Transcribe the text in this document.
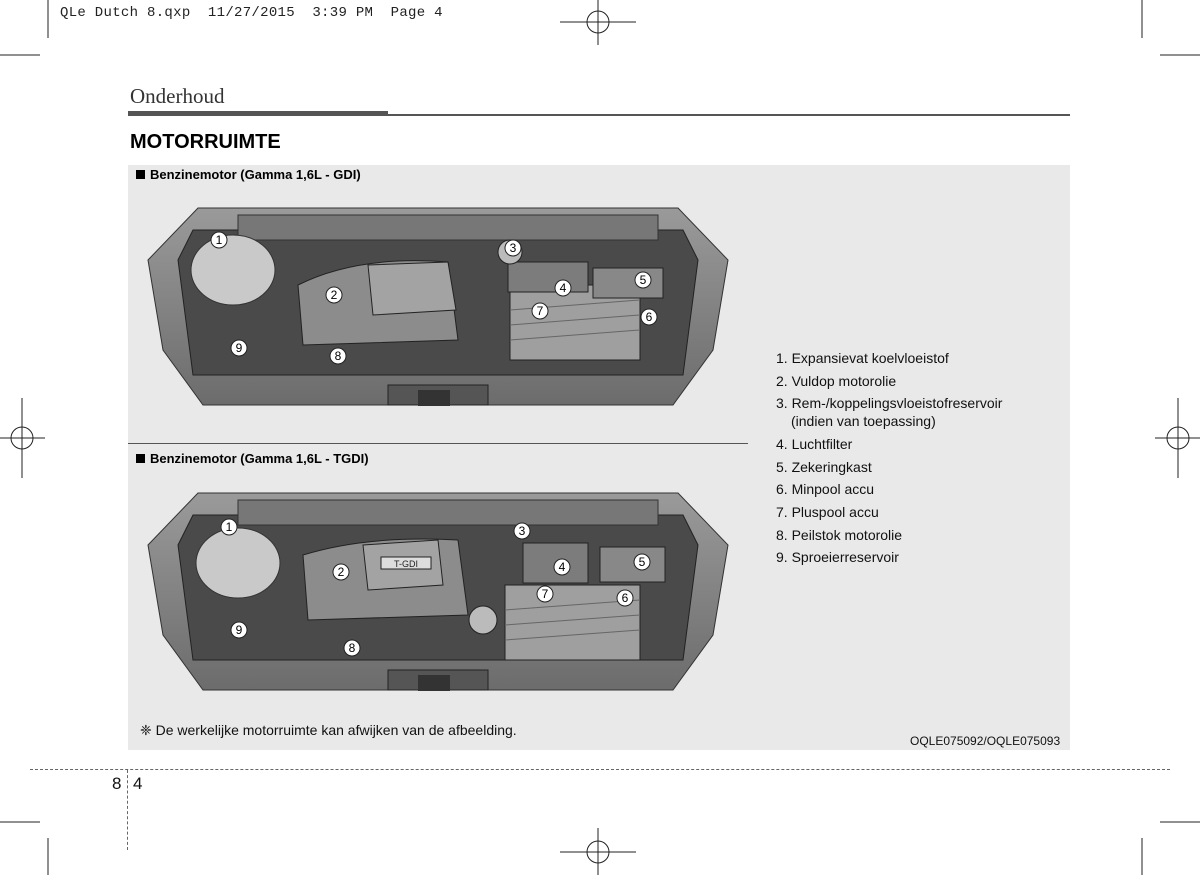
QLe Dutch 8.qxp  11/27/2015  3:39 PM  Page 4
Onderhoud
MOTORRUIMTE
Benzinemotor (Gamma 1,6L - GDI)
1
2
3
4
5
6
7
8
9
Benzinemotor (Gamma 1,6L - TGDI)
T-GDI
1
2
3
4	5
6
7
8
9
1. Expansievat koelvloeistof
2. Vuldop motorolie
3. Rem-/koppelingsvloeistofreservoir
(indien van toepassing)
4. Luchtfilter
5. Zekeringkast
6. Minpool accu
7. Pluspool accu
8. Peilstok motorolie
9. Sproeierreservoir
❈ De werkelijke motorruimte kan afwijken van de afbeelding.
OQLE075092/OQLE075093
8 4
